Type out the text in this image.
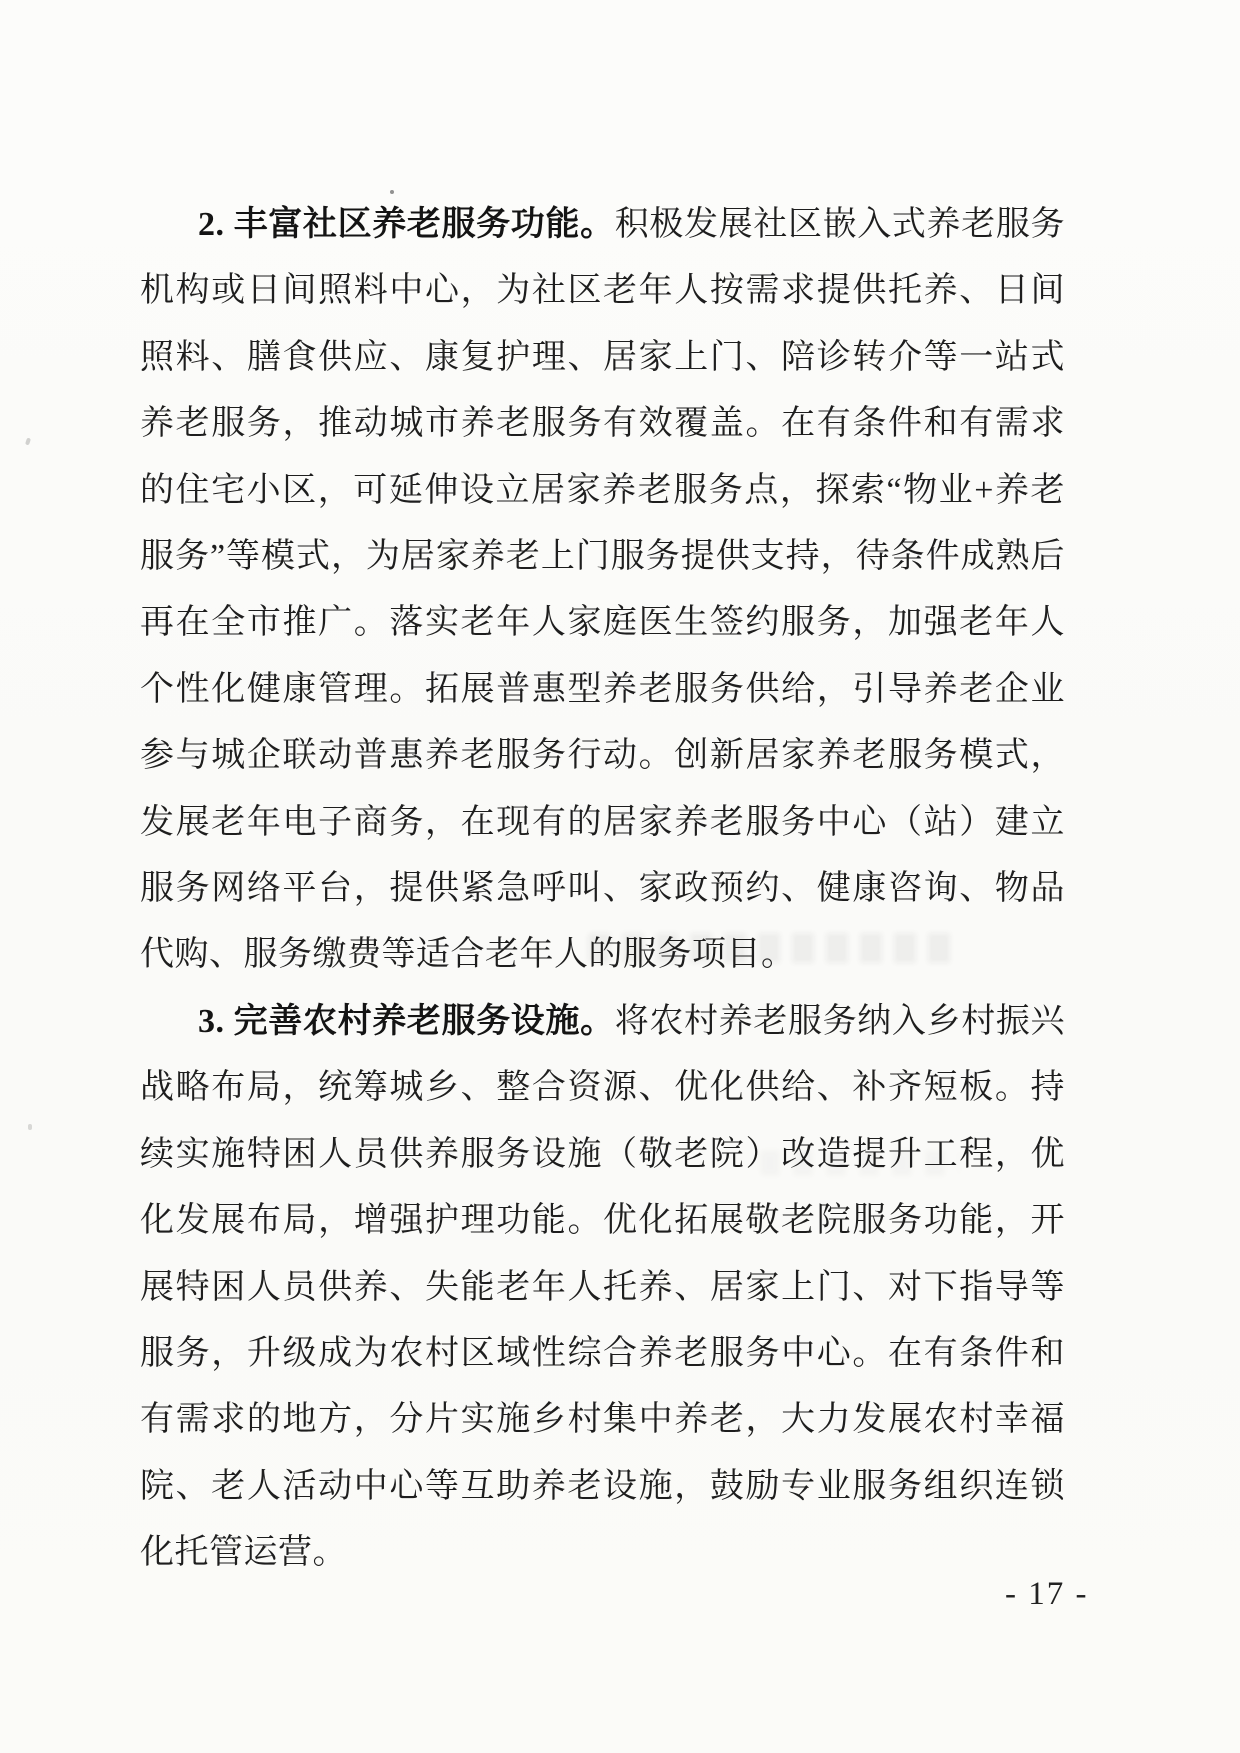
2. 丰富社区养老服务功能。积极发展社区嵌入式养老服务机构或日间照料中心，为社区老年人按需求提供托养、日间照料、膳食供应、康复护理、居家上门、陪诊转介等一站式养老服务，推动城市养老服务有效覆盖。在有条件和有需求的住宅小区，可延伸设立居家养老服务点，探索“物业+养老服务”等模式，为居家养老上门服务提供支持，待条件成熟后再在全市推广。落实老年人家庭医生签约服务，加强老年人个性化健康管理。拓展普惠型养老服务供给，引导养老企业参与城企联动普惠养老服务行动。创新居家养老服务模式，发展老年电子商务，在现有的居家养老服务中心（站）建立服务网络平台，提供紧急呼叫、家政预约、健康咨询、物品代购、服务缴费等适合老年人的服务项目。

3. 完善农村养老服务设施。将农村养老服务纳入乡村振兴战略布局，统筹城乡、整合资源、优化供给、补齐短板。持续实施特困人员供养服务设施（敬老院）改造提升工程，优化发展布局，增强护理功能。优化拓展敬老院服务功能，开展特困人员供养、失能老年人托养、居家上门、对下指导等服务，升级成为农村区域性综合养老服务中心。在有条件和有需求的地方，分片实施乡村集中养老，大力发展农村幸福院、老人活动中心等互助养老设施，鼓励专业服务组织连锁化托管运营。

- 17 -
